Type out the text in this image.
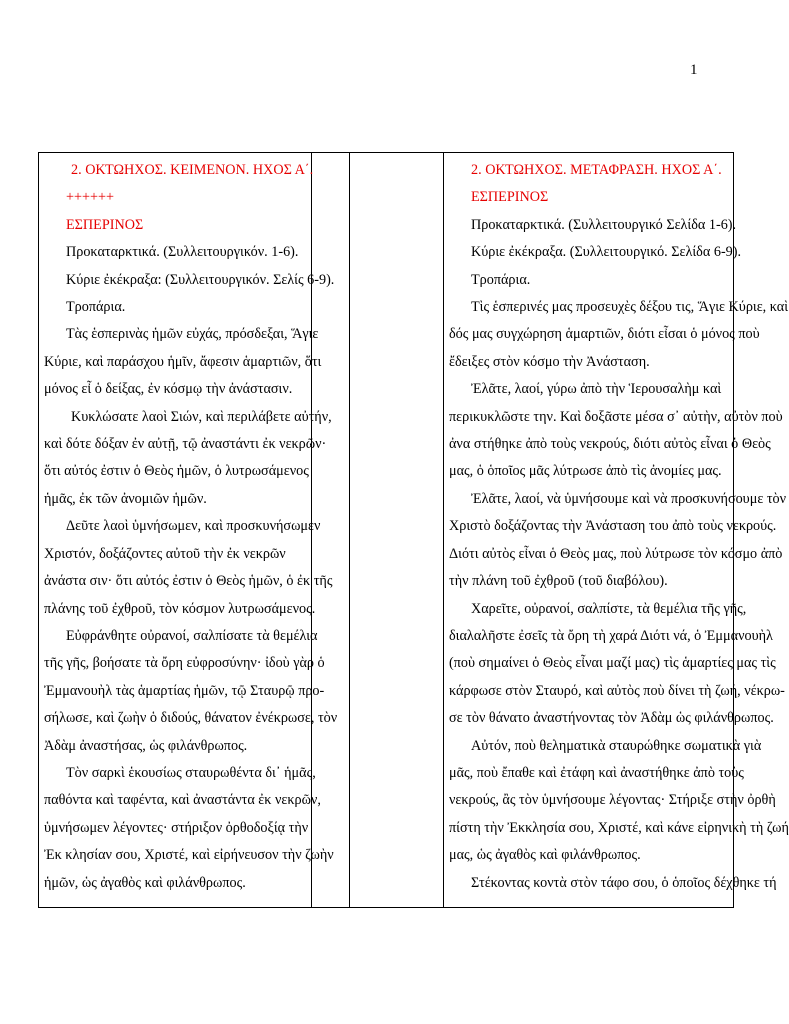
1
2. ΟΚΤΩΗΧΟΣ. ΚΕΙΜΕΝΟΝ. ΗΧΟΣ Α΄.
++++++
ΕΣΠΕΡΙΝΟΣ
Προκαταρκτικά. (Συλλειτουργικόν. 1-6).
Κύριε ἐκέκραξα: (Συλλειτουργικόν. Σελίς 6-9).
Τροπάρια.
Τὰς ἑσπερινὰς ἡμῶν εὐχάς, πρόσδεξαι, Ἅγιε
Κύριε, καὶ παράσχου ἡμῖν, ἄφεσιν ἁμαρτιῶν, ὅτι
μόνος εἶ ὁ δείξας, ἐν κόσμῳ τὴν ἀνάστασιν.
Κυκλώσατε λαοὶ Σιών, καὶ περιλάβετε αὐτήν,
καὶ δότε δόξαν ἐν αὐτῇ, τῷ ἀναστάντι ἐκ νεκρῶν·
ὅτι αὐτός ἐστιν ὁ Θεὸς ἡμῶν, ὁ λυτρωσάμενος
ἡμᾶς, ἐκ τῶν ἀνομιῶν ἡμῶν.
Δεῦτε λαοὶ ὑμνήσωμεν, καὶ προσκυνήσωμεν
Χριστόν, δοξάζοντες αὐτοῦ τὴν ἐκ νεκρῶν
ἀνάστα σιν· ὅτι αὐτός ἐστιν ὁ Θεὸς ἡμῶν, ὁ ἐκ τῆς
πλάνης τοῦ ἐχθροῦ, τὸν κόσμον λυτρωσάμενος.
Εὐφράνθητε οὐρανοί, σαλπίσατε τὰ θεμέλια
τῆς γῆς, βοήσατε τὰ ὄρη εὐφροσύνην· ἰδοὺ γὰρ ὁ
Ἐμμανουὴλ τὰς ἁμαρτίας ἡμῶν, τῷ Σταυρῷ προ-
σήλωσε, καὶ ζωὴν ὁ διδούς, θάνατον ἐνέκρωσε, τὸν
Ἀδὰμ ἀναστήσας, ὡς φιλάνθρωπος.
Τὸν σαρκὶ ἑκουσίως σταυρωθέντα δι᾽ ἡμᾶς,
παθόντα καὶ ταφέντα, καὶ ἀναστάντα ἐκ νεκρῶν,
ὑμνήσωμεν λέγοντες· στήριξον ὀρθοδοξίᾳ τὴν
Ἐκ κλησίαν σου, Χριστέ, καὶ εἰρήνευσον τὴν ζωὴν
ἡμῶν, ὡς ἀγαθὸς καὶ φιλάνθρωπος.

2. ΟΚΤΩΗΧΟΣ. ΜΕΤΑΦΡΑΣΗ. ΗΧΟΣ Α΄.
ΕΣΠΕΡΙΝΟΣ
Προκαταρκτικά. (Συλλειτουργικό Σελίδα 1-6).
Κύριε ἐκέκραξα. (Συλλειτουργικό. Σελίδα 6-9).
Τροπάρια.
Τὶς ἑσπερινές μας προσευχὲς δέξου τις, Ἅγιε Κύριε, καὶ
δός μας συγχώρηση ἁμαρτιῶν, διότι εἶσαι ὁ μόνος ποὺ
ἔδειξες στὸν κόσμο τὴν Ἀνάσταση.
Ἐλᾶτε, λαοί, γύρω ἀπὸ τὴν Ἱερουσαλὴμ καὶ
περικυκλῶστε την. Καὶ δοξᾶστε μέσα σ᾽ αὐτὴν, αὐτὸν ποὺ
ἀνα στήθηκε ἀπὸ τοὺς νεκρούς, διότι αὐτὸς εἶναι ὁ Θεὸς
μας, ὁ ὁποῖος μᾶς λύτρωσε ἀπὸ τὶς ἀνομίες μας.
Ἐλᾶτε, λαοί, νὰ ὑμνήσουμε καὶ νὰ προσκυνήσουμε τὸν
Χριστὸ δοξάζοντας τὴν Ἀνάσταση του ἀπὸ τοὺς νεκρούς.
Διότι αὐτὸς εἶναι ὁ Θεὸς μας, ποὺ λύτρωσε τὸν κόσμο ἀπὸ
τὴν πλάνη τοῦ ἐχθροῦ (τοῦ διαβόλου).
Χαρεῖτε, οὐρανοί, σαλπίστε, τὰ θεμέλια τῆς γῆς,
διαλαλῆστε ἐσεῖς τὰ ὄρη τὴ χαρά Διότι νά, ὁ Ἐμμανουὴλ
(ποὺ σημαίνει ὁ Θεὸς εἶναι μαζί μας) τὶς ἁμαρτίες μας τὶς
κάρφωσε στὸν Σταυρό, καὶ αὐτὸς ποὺ δίνει τὴ ζωή, νέκρω-
σε τὸν θάνατο ἀναστήνοντας τὸν Ἀδὰμ ὡς φιλάνθρωπος.
Αὐτόν, ποὺ θεληματικὰ σταυρώθηκε σωματικὰ γιὰ
μᾶς, ποὺ ἔπαθε καὶ ἐτάφη καὶ ἀναστήθηκε ἀπὸ τοὺς
νεκρούς, ἂς τὸν ὑμνήσουμε λέγοντας· Στήριξε στὴν ὀρθὴ
πίστη τὴν Ἐκκλησία σου, Χριστέ, καὶ κάνε εἰρηνικὴ τὴ ζωή
μας, ὡς ἀγαθὸς καὶ φιλάνθρωπος.
Στέκοντας κοντὰ στὸν τάφο σου, ὁ ὁποῖος δέχθηκε τή
